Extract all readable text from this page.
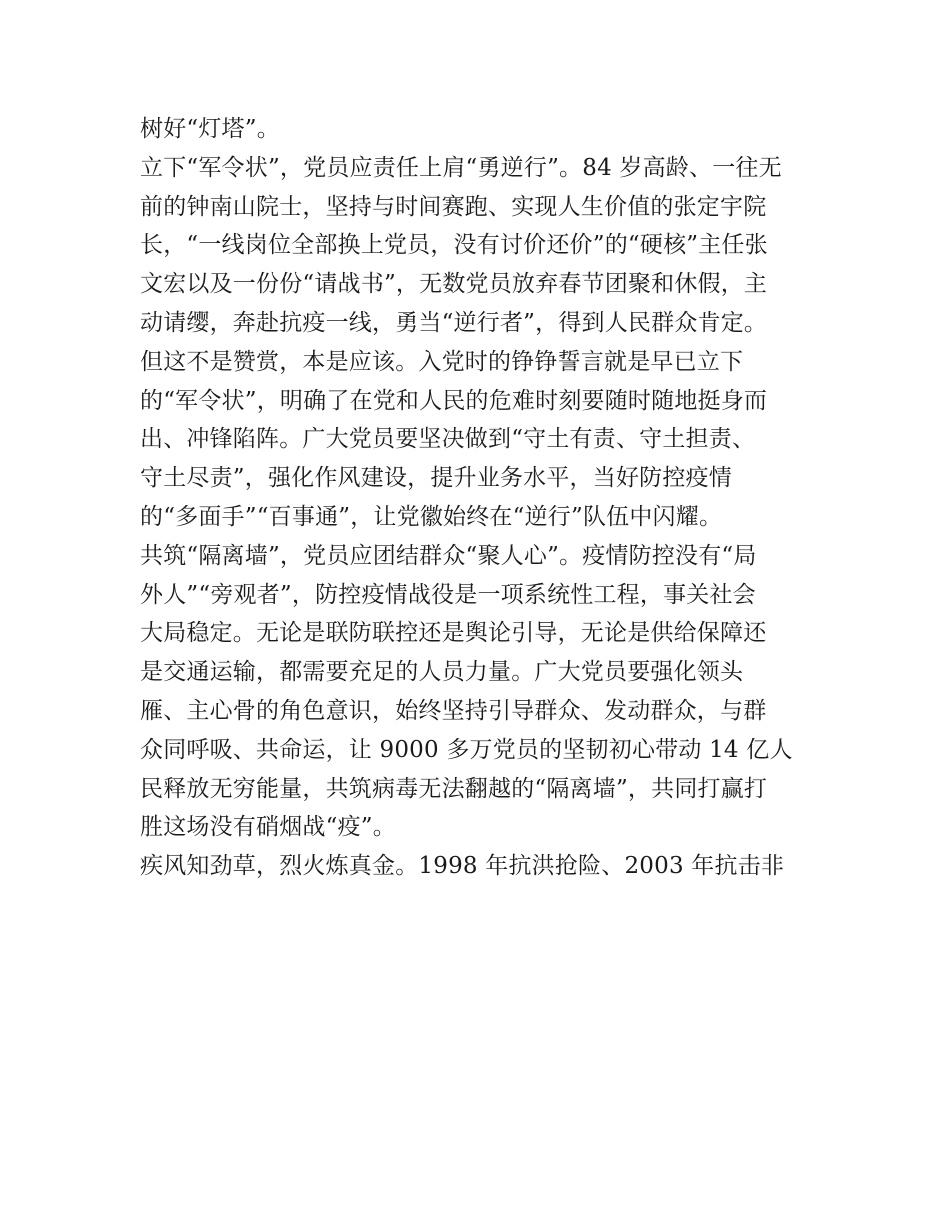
树好“灯塔”。
立下“军令状”，党员应责任上肩“勇逆行”。84 岁高龄、一往无
前的钟南山院士，坚持与时间赛跑、实现人生价值的张定宇院
长，“一线岗位全部换上党员，没有讨价还价”的“硬核”主任张
文宏以及一份份“请战书”，无数党员放弃春节团聚和休假，主
动请缨，奔赴抗疫一线，勇当“逆行者”，得到人民群众肯定。
但这不是赞赏，本是应该。入党时的铮铮誓言就是早已立下
的“军令状”，明确了在党和人民的危难时刻要随时随地挺身而
出、冲锋陷阵。广大党员要坚决做到“守土有责、守土担责、
守土尽责”，强化作风建设，提升业务水平，当好防控疫情
的“多面手”“百事通”，让党徽始终在“逆行”队伍中闪耀。
共筑“隔离墙”，党员应团结群众“聚人心”。疫情防控没有“局
外人”“旁观者”，防控疫情战役是一项系统性工程，事关社会
大局稳定。无论是联防联控还是舆论引导，无论是供给保障还
是交通运输，都需要充足的人员力量。广大党员要强化领头
雁、主心骨的角色意识，始终坚持引导群众、发动群众，与群
众同呼吸、共命运，让 9000 多万党员的坚韧初心带动 14 亿人
民释放无穷能量，共筑病毒无法翻越的“隔离墙”，共同打赢打
胜这场没有硝烟战“疫”。
疾风知劲草，烈火炼真金。1998 年抗洪抢险、2003 年抗击非
